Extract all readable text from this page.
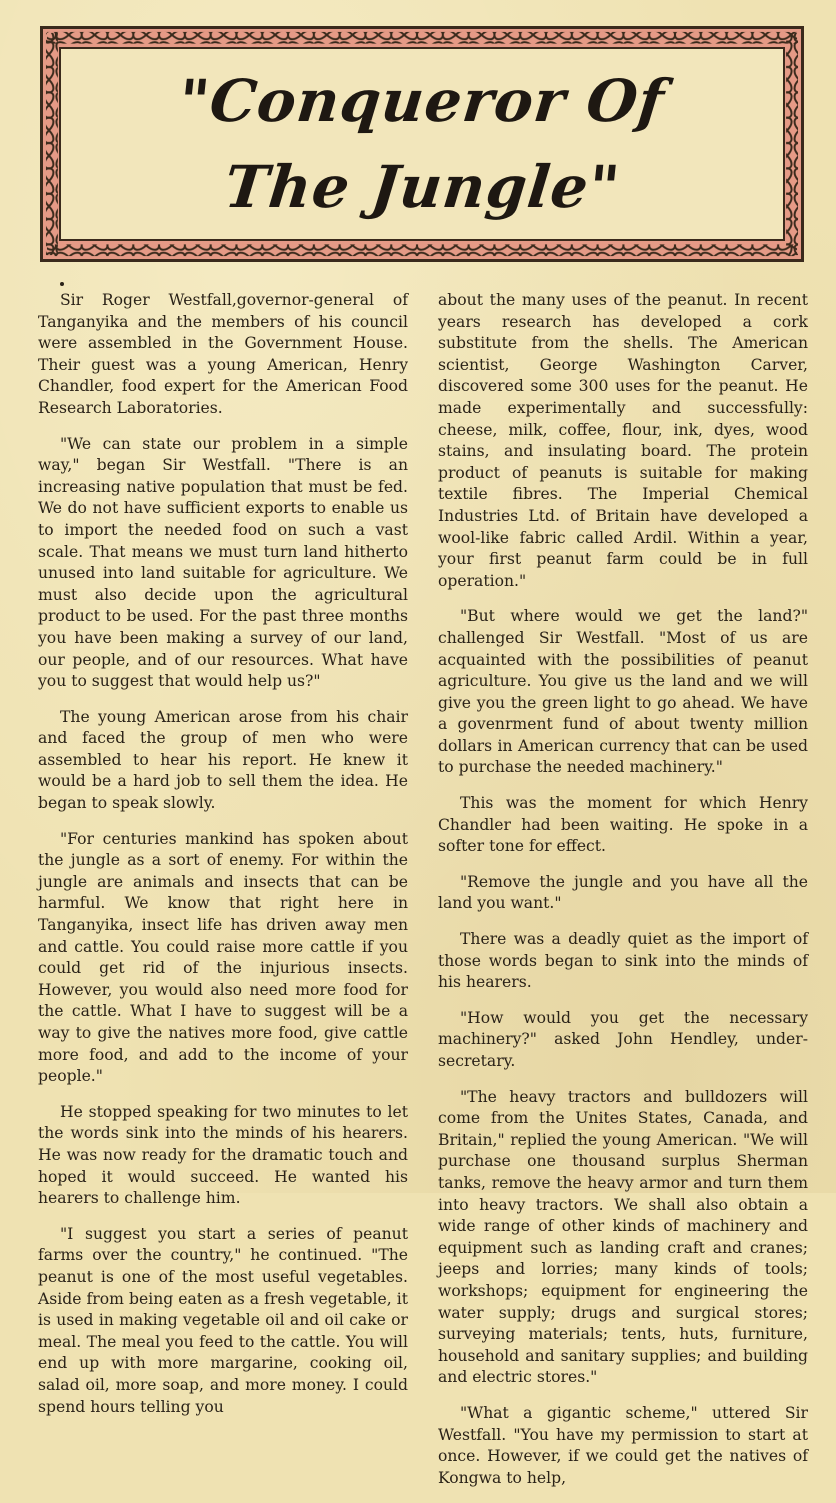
"Conqueror Of
The Jungle"

Sir Roger Westfall,governor-general of Tanganyika and the members of his council were assembled in the Government House. Their guest was a young American, Henry Chandler, food expert for the American Food Research Laboratories.

"We can state our problem in a simple way," began Sir Westfall. "There is an increasing native population that must be fed. We do not have sufficient exports to enable us to import the needed food on such a vast scale. That means we must turn land hitherto unused into land suitable for agriculture. We must also decide upon the agricultural product to be used. For the past three months you have been making a survey of our land, our people, and of our resources. What have you to suggest that would help us?"

The young American arose from his chair and faced the group of men who were assembled to hear his report. He knew it would be a hard job to sell them the idea. He began to speak slowly.

"For centuries mankind has spoken about the jungle as a sort of enemy. For within the jungle are animals and insects that can be harmful. We know that right here in Tanganyika, insect life has driven away men and cattle. You could raise more cattle if you could get rid of the injurious insects. However, you would also need more food for the cattle. What I have to suggest will be a way to give the natives more food, give cattle more food, and add to the income of your people."

He stopped speaking for two minutes to let the words sink into the minds of his hearers. He was now ready for the dramatic touch and hoped it would succeed. He wanted his hearers to challenge him.

"I suggest you start a series of peanut farms over the country," he continued. "The peanut is one of the most useful vegetables. Aside from being eaten as a fresh vegetable, it is used in making vegetable oil and oil cake or meal. The meal you feed to the cattle. You will end up with more margarine, cooking oil, salad oil, more soap, and more money. I could spend hours telling you

about the many uses of the peanut. In recent years research has developed a cork substitute from the shells. The American scientist, George Washington Carver, discovered some 300 uses for the peanut. He made experimentally and successfully: cheese, milk, coffee, flour, ink, dyes, wood stains, and insulating board. The protein product of peanuts is suitable for making textile fibres. The Imperial Chemical Industries Ltd. of Britain have developed a wool-like fabric called Ardil. Within a year, your first peanut farm could be in full operation."

"But where would we get the land?" challenged Sir Westfall. "Most of us are acquainted with the possibilities of peanut agriculture. You give us the land and we will give you the green light to go ahead. We have a govenrment fund of about twenty million dollars in American currency that can be used to purchase the needed machinery."

This was the moment for which Henry Chandler had been waiting. He spoke in a softer tone for effect.

"Remove the jungle and you have all the land you want."

There was a deadly quiet as the import of those words began to sink into the minds of his hearers.

"How would you get the necessary machinery?" asked John Hendley, under-secretary.

"The heavy tractors and bulldozers will come from the Unites States, Canada, and Britain," replied the young American. "We will purchase one thousand surplus Sherman tanks, remove the heavy armor and turn them into heavy tractors. We shall also obtain a wide range of other kinds of machinery and equipment such as landing craft and cranes; jeeps and lorries; many kinds of tools; workshops; equipment for engineering the water supply; drugs and surgical stores; surveying materials; tents, huts, furniture, household and sanitary supplies; and building and electric stores."

"What a gigantic scheme," uttered Sir Westfall. "You have my permission to start at once. However, if we could get the natives of Kongwa to help,
